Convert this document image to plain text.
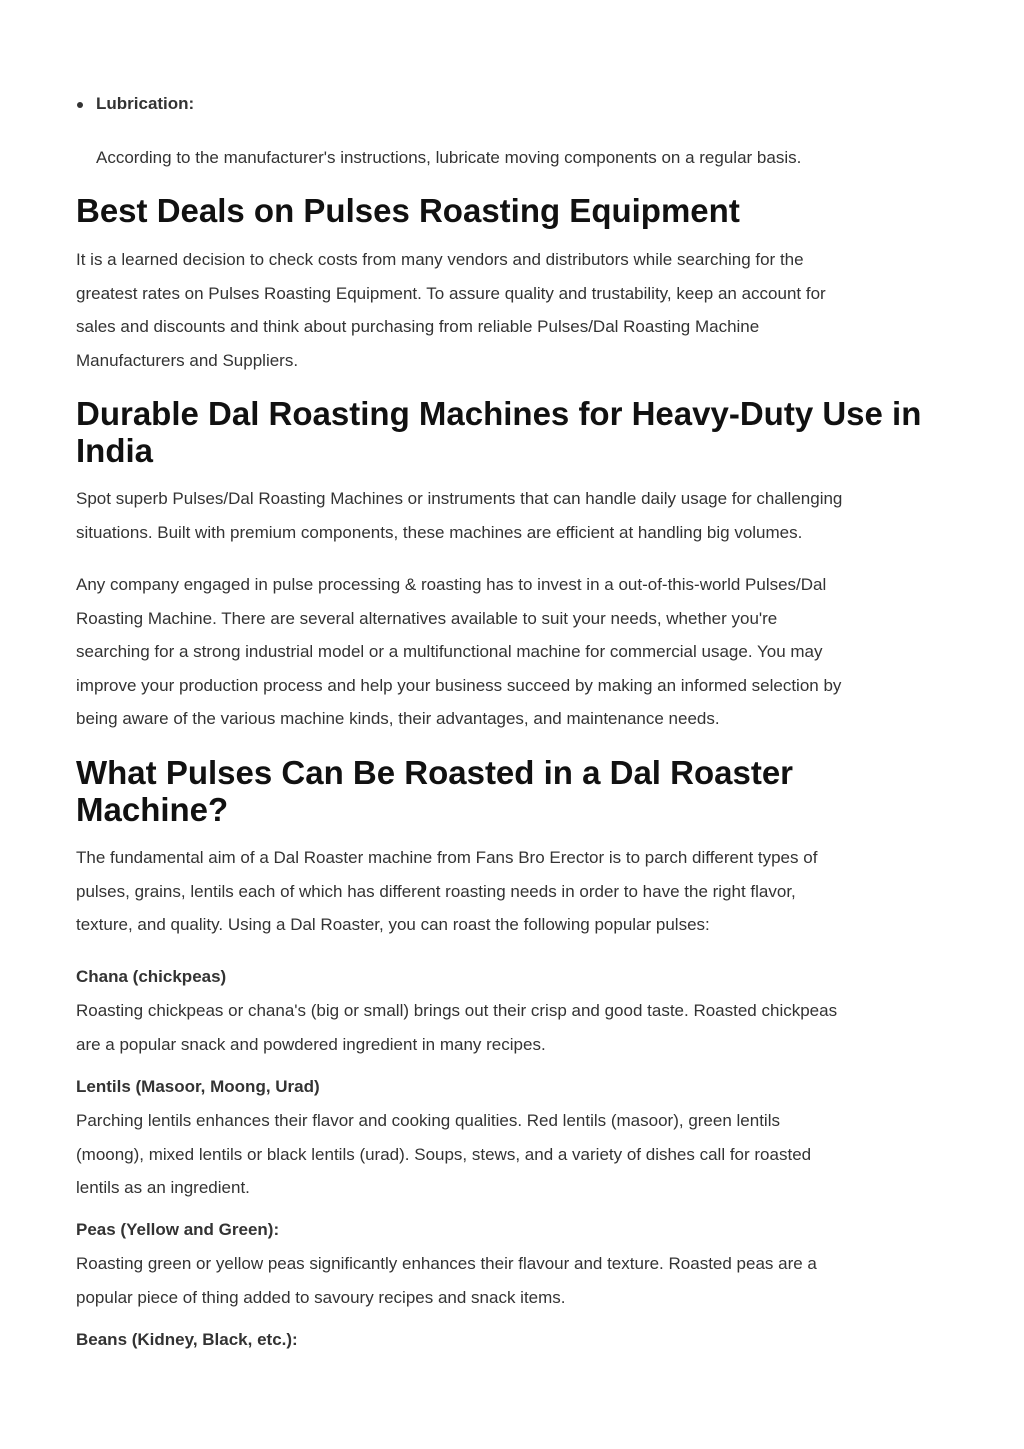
Lubrication:
According to the manufacturer's instructions, lubricate moving components on a regular basis.
Best Deals on Pulses Roasting Equipment

It is a learned decision to check costs from many vendors and distributors while searching for the
greatest rates on Pulses Roasting Equipment. To assure quality and trustability, keep an account for
sales and discounts and think about purchasing from reliable Pulses/Dal Roasting Machine
Manufacturers and Suppliers.

Durable Dal Roasting Machines for Heavy-Duty Use in
India

Spot superb Pulses/Dal Roasting Machines or instruments that can handle daily usage for challenging
situations. Built with premium components, these machines are efficient at handling big volumes.

Any company engaged in pulse processing & roasting has to invest in a out-of-this-world Pulses/Dal
Roasting Machine. There are several alternatives available to suit your needs, whether you're
searching for a strong industrial model or a multifunctional machine for commercial usage. You may
improve your production process and help your business succeed by making an informed selection by
being aware of the various machine kinds, their advantages, and maintenance needs.

What Pulses Can Be Roasted in a Dal Roaster
Machine?

The fundamental aim of a Dal Roaster machine from Fans Bro Erector is to parch different types of
pulses, grains, lentils each of which has different roasting needs in order to have the right flavor,
texture, and quality. Using a Dal Roaster, you can roast the following popular pulses:

Chana (chickpeas)

Roasting chickpeas or chana's (big or small) brings out their crisp and good taste. Roasted chickpeas
are a popular snack and powdered ingredient in many recipes.

Lentils (Masoor, Moong, Urad)

Parching lentils enhances their flavor and cooking qualities. Red lentils (masoor), green lentils
(moong), mixed lentils or black lentils (urad). Soups, stews, and a variety of dishes call for roasted
lentils as an ingredient.

Peas (Yellow and Green):

Roasting green or yellow peas significantly enhances their flavour and texture. Roasted peas are a
popular piece of thing added to savoury recipes and snack items.

Beans (Kidney, Black, etc.):
